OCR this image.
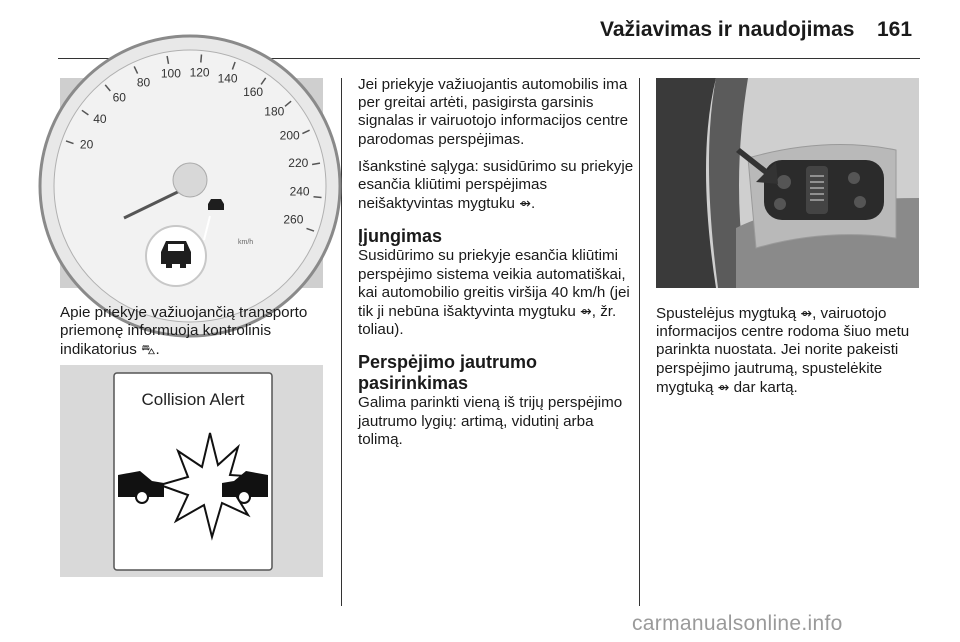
Važiavimas ir naudojimas 161
20
40
60
80
100 120 140
160
180
200
220
240
260
km/h

Apie priekyje važiuojančią transporto priemonę informuoja kontrolinis indikatorius ⛍.

Collision Alert

Jei priekyje važiuojantis automobilis ima per greitai artėti, pasigirsta garsinis signalas ir vairuotojo informacijos centre parodomas perspėjimas.

Išankstinė sąlyga: susidūrimo su priekyje esančia kliūtimi perspėjimas neišaktyvintas mygtuku ⇴.

Įjungimas

Susidūrimo su priekyje esančia kliūtimi perspėjimo sistema veikia automatiškai, kai automobilio greitis viršija 40 km/h (jei tik ji nebūna išaktyvinta mygtuku ⇴, žr. toliau).

Perspėjimo jautrumo pasirinkimas

Galima parinkti vieną iš trijų perspėjimo jautrumo lygių: artimą, vidutinį arba tolimą.

Spustelėjus mygtuką ⇴, vairuotojo informacijos centre rodoma šiuo metu parinkta nuostata. Jei norite pakeisti perspėjimo jautrumą, spustelėkite mygtuką ⇴ dar kartą.

carmanualsonline.info
